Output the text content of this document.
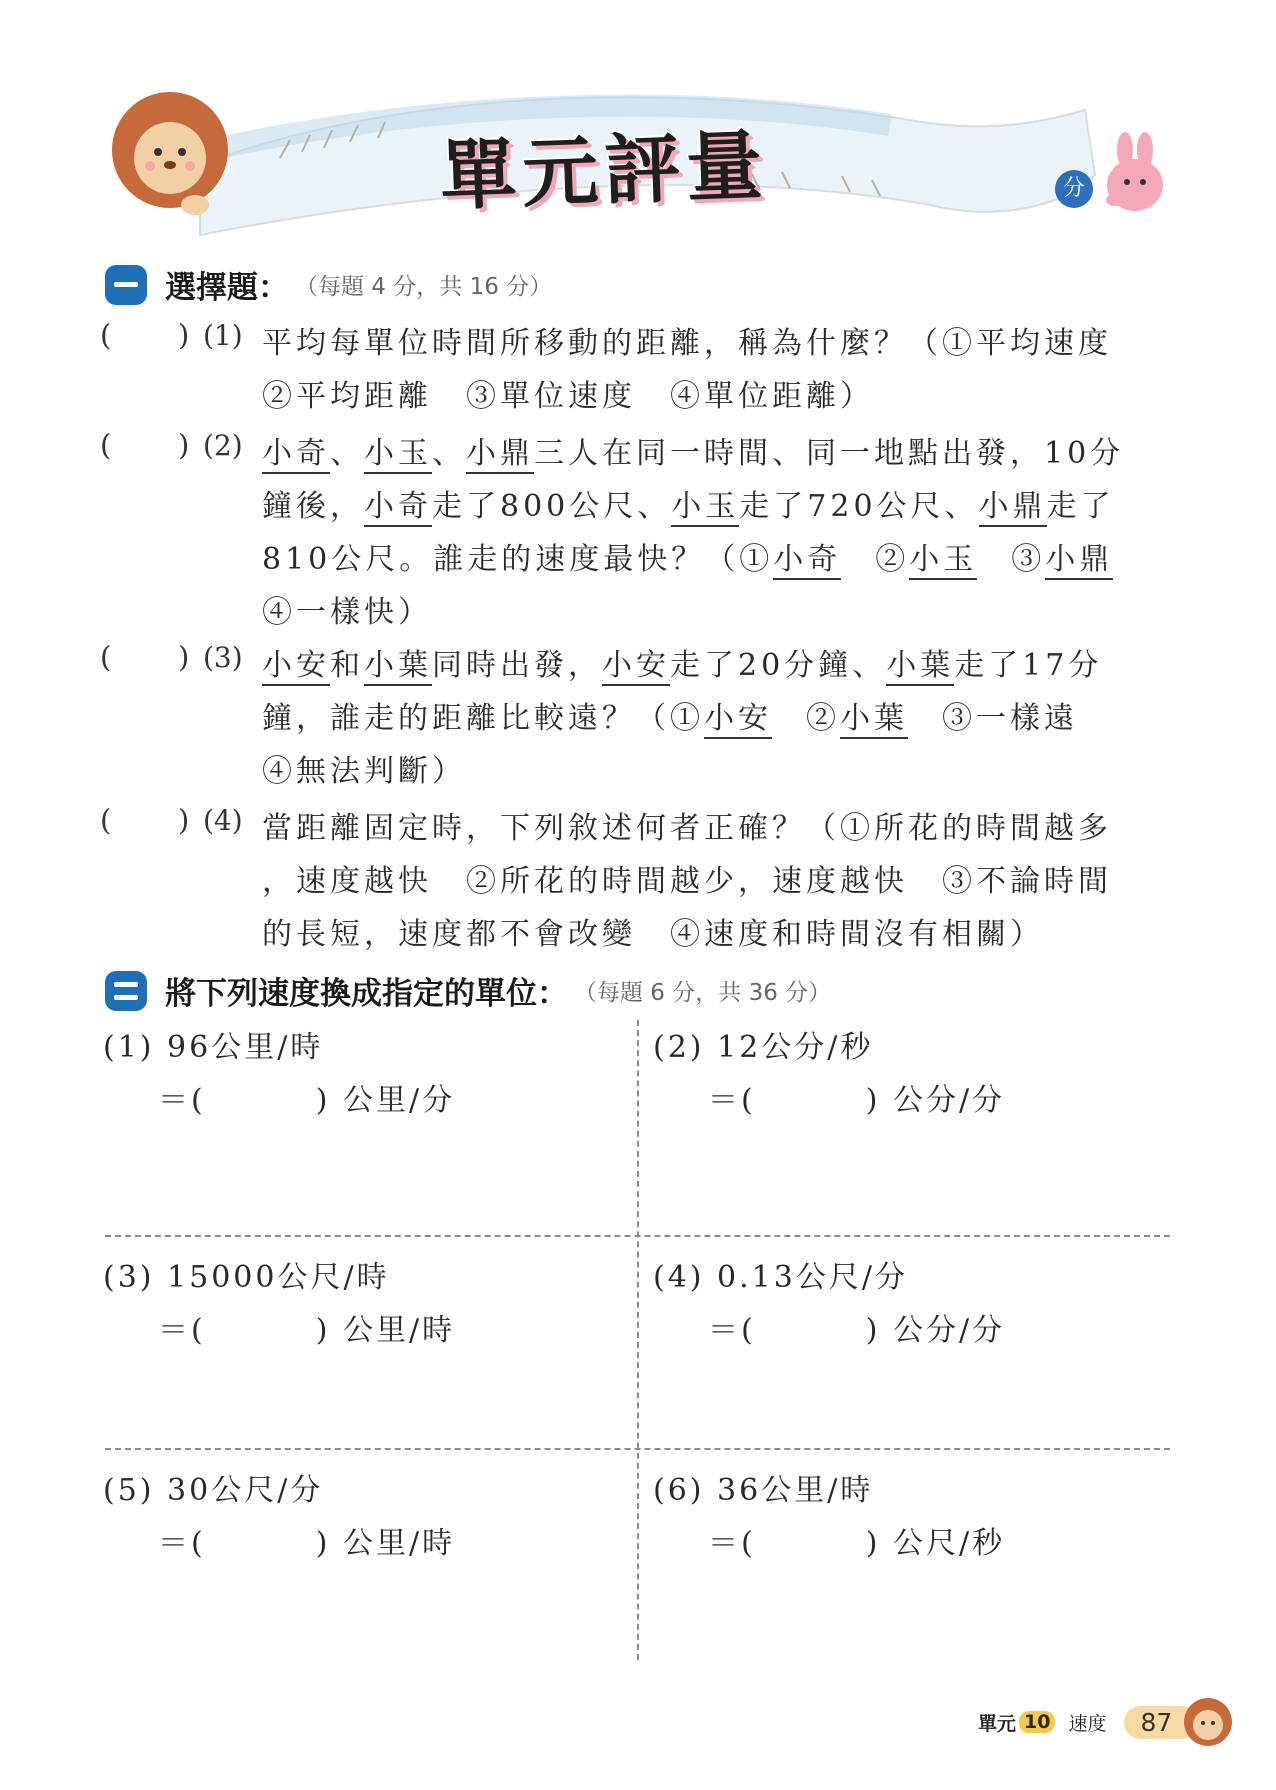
單元評量	分
選擇題： （每題 4 分，共 16 分）
( ) (1) 平均每單位時間所移動的距離，稱為什麼？（①平均速度
②平均距離　③單位速度　④單位距離）
( ) (2) 小奇、小玉、小鼎三人在同一時間、同一地點出發，10分
鐘後，小奇走了800公尺、小玉走了720公尺、小鼎走了
810公尺。誰走的速度最快？（①小奇　②小玉　③小鼎
④一樣快）
( ) (3) 小安和小葉同時出發，小安走了20分鐘、小葉走了17分
鐘，誰走的距離比較遠？（①小安　②小葉　③一樣遠
④無法判斷）
( ) (4) 當距離固定時，下列敘述何者正確？（①所花的時間越多
，速度越快　②所花的時間越少，速度越快　③不論時間
的長短，速度都不會改變　④速度和時間沒有相關）
將下列速度換成指定的單位： （每題 6 分，共 36 分）
(1) 96公里/時
＝(	) 公里/分
(2) 12公分/秒
＝(	) 公分/分
(3) 15000公尺/時
＝(	) 公里/時
(4) 0.13公尺/分
＝(	) 公分/分
(5) 30公尺/分
＝(	) 公里/時
(6) 36公里/時
＝(	) 公尺/秒
單元 10 速度	87
